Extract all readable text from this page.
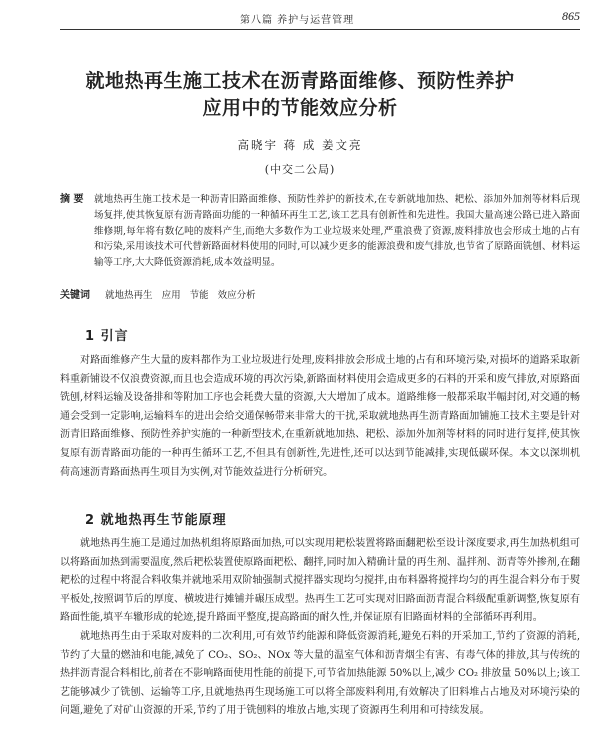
第八篇 养护与运营管理	865
就地热再生施工技术在沥青路面维修、预防性养护
应用中的节能效应分析
高晓宇 蒋 成 姜文亮
(中交二公局)
摘 要	就地热再生施工技术是一种沥青旧路面维修、预防性养护的新技术,在专新就地加热、耙松、添加外加剂等材料后现场复拌,使其恢复原有沥青路面功能的一种循环再生工艺,该工艺具有创新性和先进性。我国大量高速公路已进入路面维修期,每年将有数亿吨的废料产生,而绝大多数作为工业垃圾来处理,严重浪费了资源,废料排放也会形成土地的占有和污染,采用该技术可代替新路面材料使用的同时,可以减少更多的能源浪费和废气排放,也节省了原路面铣刨、材料运输等工序,大大降低资源消耗,成本效益明显。
关键词 就地热再生 应用 节能 效应分析
1 引言

对路面维修产生大量的废料都作为工业垃圾进行处理,废料排放会形成土地的占有和环境污染,对损坏的道路采取新料重新铺设不仅浪费资源,而且也会造成环境的再次污染,新路面材料使用会造成更多的石料的开采和废气排放,对原路面铣刨,材料运输及设备排和等附加工序也会耗费大量的资源,大大增加了成本。道路维修一般都采取半幅封闭,对交通的畅通会受到一定影响,运输料车的进出会给交通保畅带来非常大的干扰,采取就地热再生沥青路面加铺施工技术主要是针对沥青旧路面维修、预防性养护实施的一种新型技术,在重新就地加热、耙松、添加外加剂等材料的同时进行复拌,使其恢复原有沥青路面功能的一种再生循环工艺,不但具有创新性,先进性,还可以达到节能减排,实现低碳环保。本文以深圳机荷高速沥青路面热再生项目为实例,对节能效益进行分析研究。

2 就地热再生节能原理

就地热再生施工是通过加热机组将原路面加热,可以实现用耙松装置将路面翻耙松至设计深度要求,再生加热机组可以将路面加热到需要温度,然后耙松装置使原路面耙松、翻拌,同时加入精确计量的再生剂、温拌剂、沥青等外掺剂,在翻耙松的过程中将混合料收集并就地采用双阶轴强制式搅拌器实现均匀搅拌,由布料器将搅拌均匀的再生混合料分布于熨平板处,按照调节后的厚度、横坡进行摊铺并碾压成型。热再生工艺可实现对旧路面沥青混合料级配重新调整,恢复原有路面性能,填平车辙形成的轮迹,提升路面平整度,提高路面的耐久性,并保证原有旧路面材料的全部循环再利用。

就地热再生由于采取对废料的二次利用,可有效节约能源和降低资源消耗,避免石料的开采加工,节约了资源的消耗,节约了大量的燃油和电能,减免了 CO₂、SO₂、NOx 等大量的温室气体和沥青烟尘有害、有毒气体的排放,其与传统的热拌沥青混合料相比,前者在不影响路面使用性能的前提下,可节省加热能源 50%以上,减少 CO₂ 排放量 50%以上;该工艺能够减少了铣刨、运输等工序,且就地热再生现场施工可以将全部废料利用,有效解决了旧料堆占占地及对环境污染的问题,避免了对矿山资源的开采,节约了用于铣刨料的堆放占地,实现了资源再生利用和可持续发展。
